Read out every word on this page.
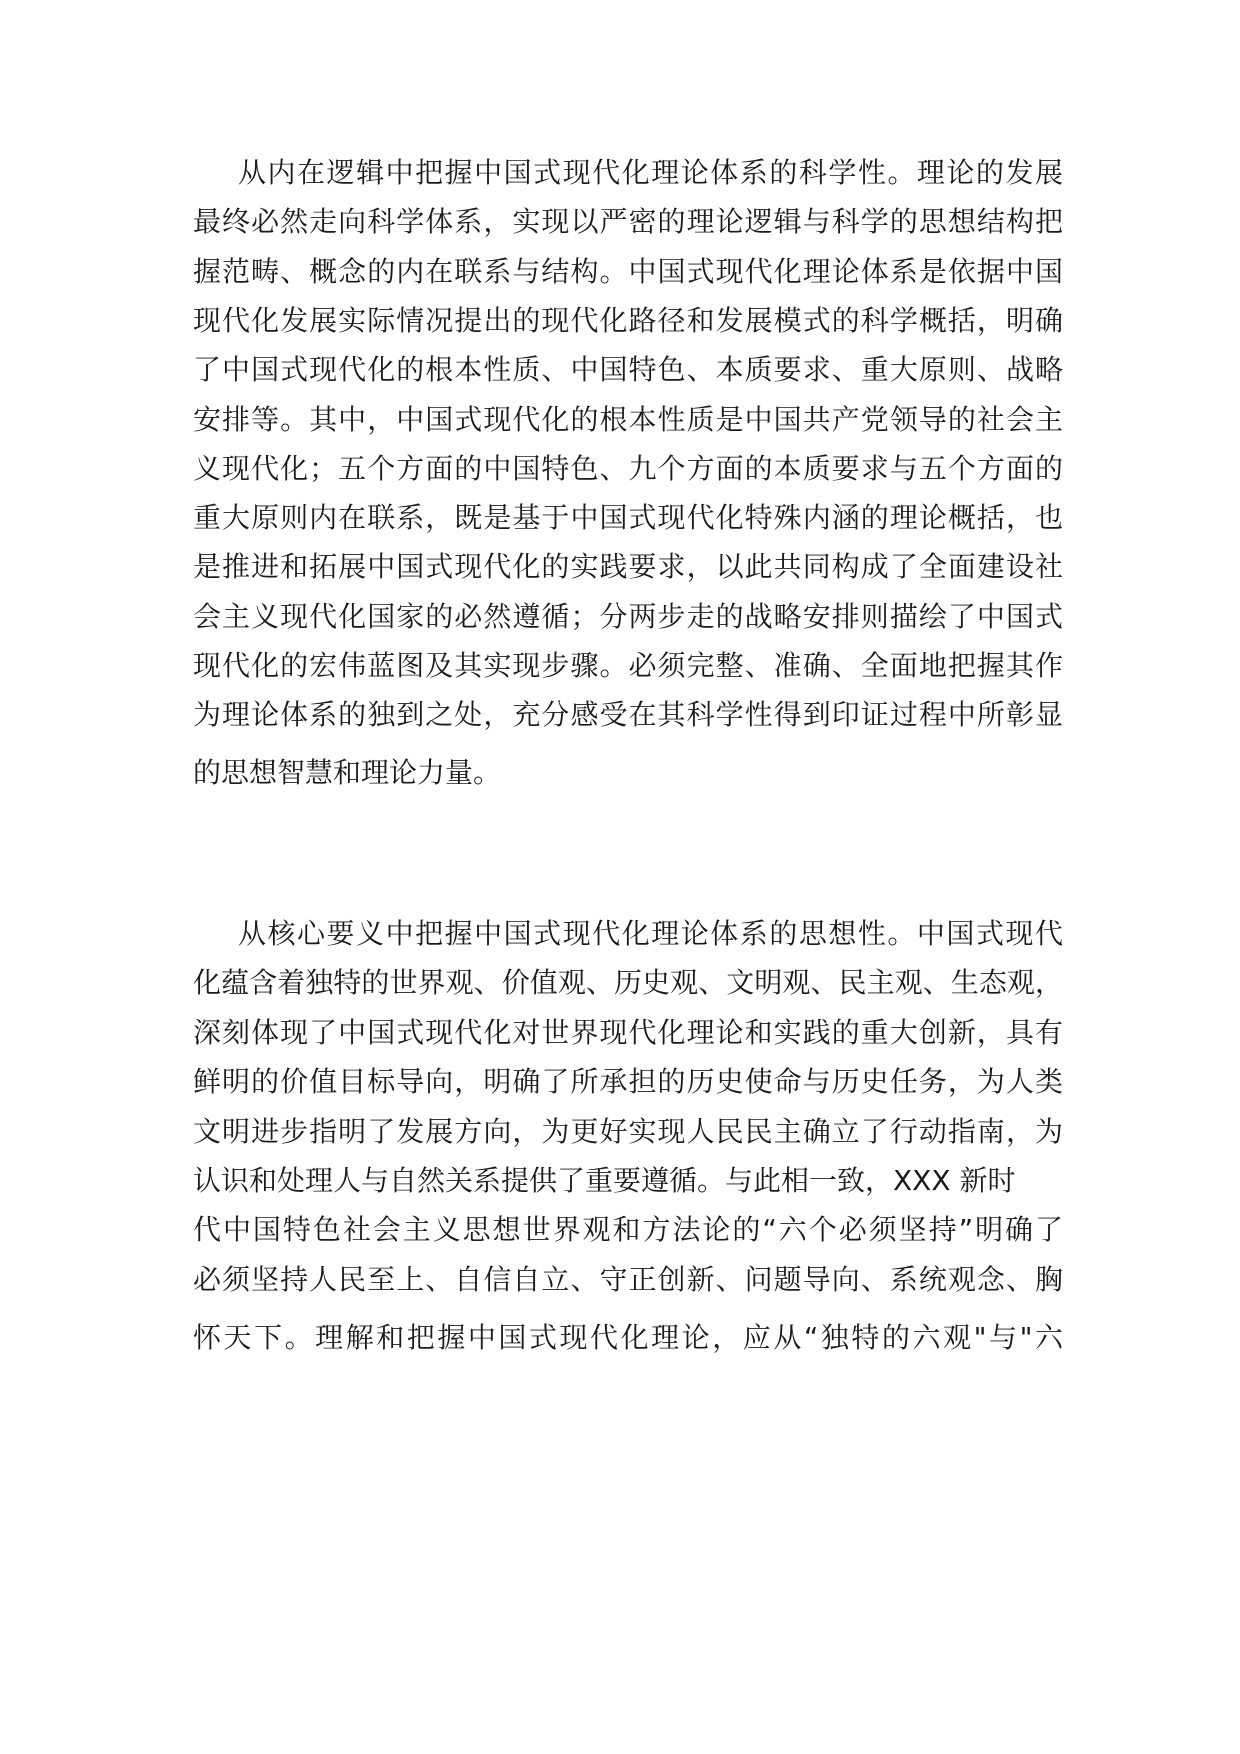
从内在逻辑中把握中国式现代化理论体系的科学性。理论的发展
最终必然走向科学体系，实现以严密的理论逻辑与科学的思想结构把
握范畴、概念的内在联系与结构。中国式现代化理论体系是依据中国
现代化发展实际情况提出的现代化路径和发展模式的科学概括，明确
了中国式现代化的根本性质、中国特色、本质要求、重大原则、战略
安排等。其中，中国式现代化的根本性质是中国共产党领导的社会主
义现代化；五个方面的中国特色、九个方面的本质要求与五个方面的
重大原则内在联系，既是基于中国式现代化特殊内涵的理论概括，也
是推进和拓展中国式现代化的实践要求，以此共同构成了全面建设社
会主义现代化国家的必然遵循；分两步走的战略安排则描绘了中国式
现代化的宏伟蓝图及其实现步骤。必须完整、准确、全面地把握其作
为理论体系的独到之处，充分感受在其科学性得到印证过程中所彰显
的思想智慧和理论力量。
从核心要义中把握中国式现代化理论体系的思想性。中国式现代
化蕴含着独特的世界观、价值观、历史观、文明观、民主观、生态观，
深刻体现了中国式现代化对世界现代化理论和实践的重大创新，具有
鲜明的价值目标导向，明确了所承担的历史使命与历史任务，为人类
文明进步指明了发展方向，为更好实现人民民主确立了行动指南，为
认识和处理人与自然关系提供了重要遵循。与此相一致，XXX 新时
代中国特色社会主义思想世界观和方法论的“六个必须坚持”明确了
必须坚持人民至上、自信自立、守正创新、问题导向、系统观念、胸
怀天下。理解和把握中国式现代化理论，应从“独特的六观"与"六
